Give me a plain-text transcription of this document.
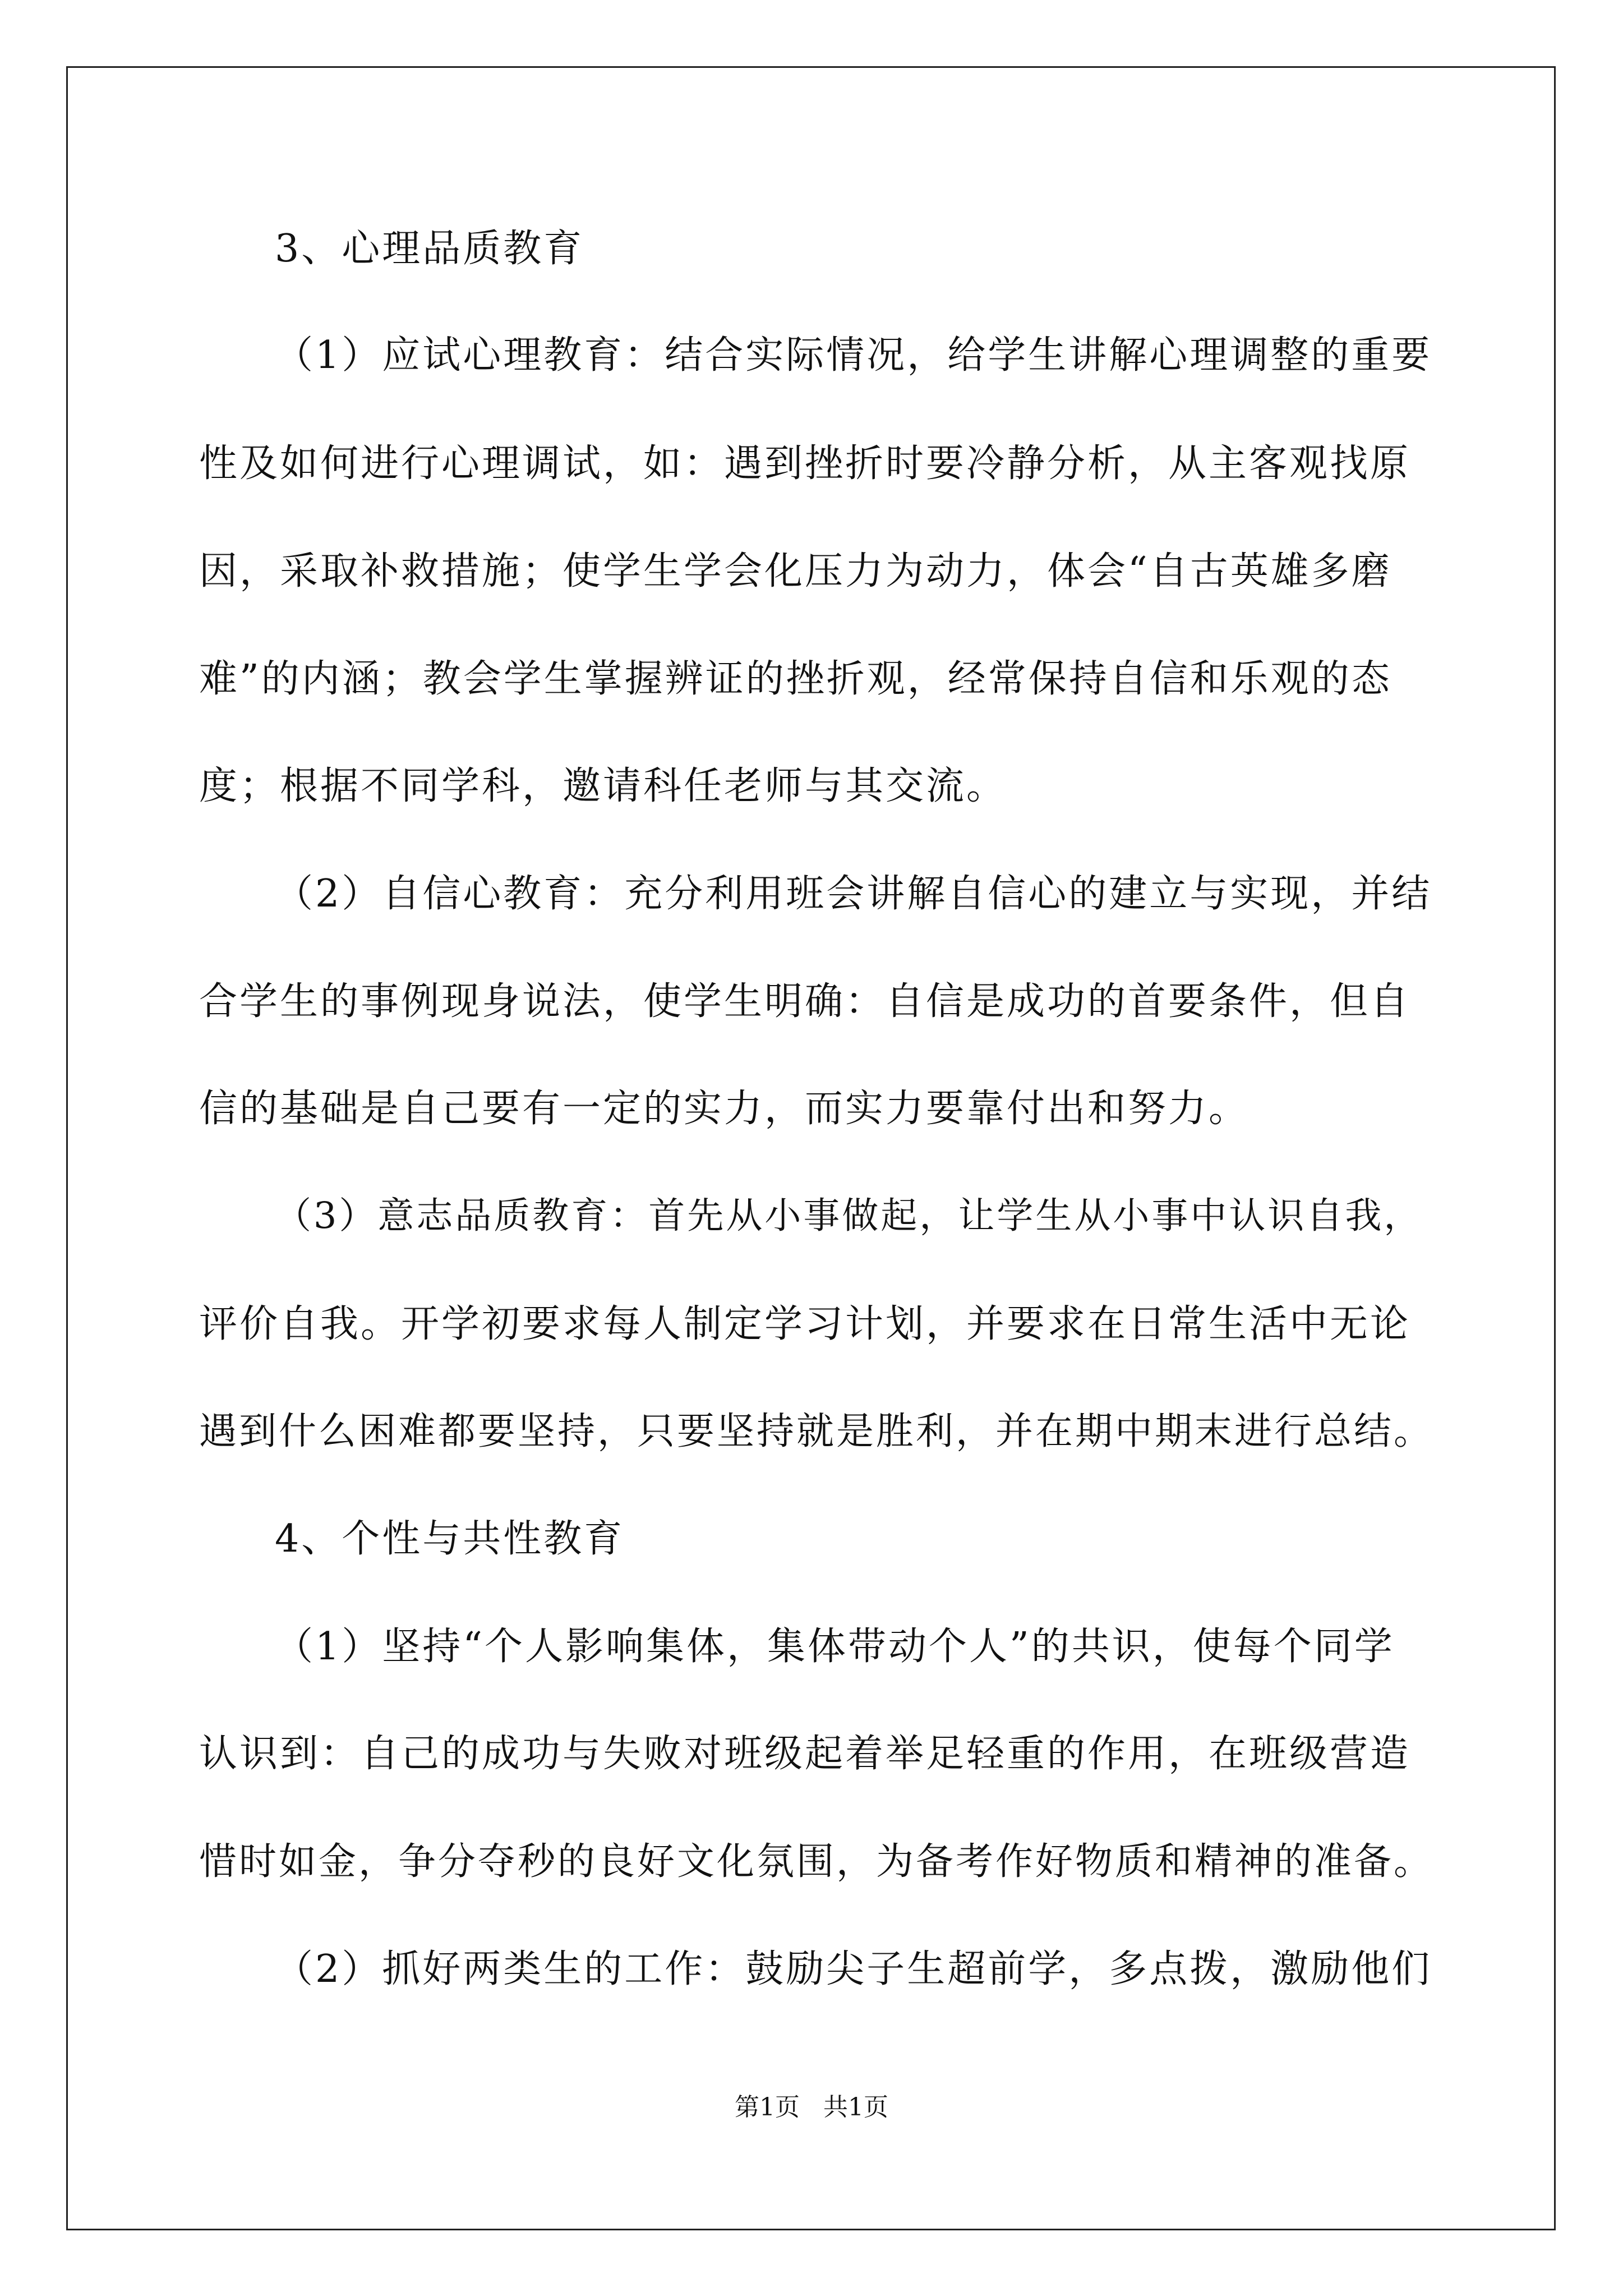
3、心理品质教育
（1）应试心理教育：结合实际情况，给学生讲解心理调整的重要
性及如何进行心理调试，如：遇到挫折时要冷静分析，从主客观找原
因，采取补救措施；使学生学会化压力为动力，体会“自古英雄多磨
难”的内涵；教会学生掌握辨证的挫折观，经常保持自信和乐观的态
度；根据不同学科，邀请科任老师与其交流。
（2）自信心教育：充分利用班会讲解自信心的建立与实现，并结
合学生的事例现身说法，使学生明确：自信是成功的首要条件，但自
信的基础是自己要有一定的实力，而实力要靠付出和努力。
（3）意志品质教育：首先从小事做起，让学生从小事中认识自我，
评价自我。开学初要求每人制定学习计划，并要求在日常生活中无论
遇到什么困难都要坚持，只要坚持就是胜利，并在期中期末进行总结。
4、个性与共性教育
（1）坚持“个人影响集体，集体带动个人”的共识，使每个同学
认识到：自己的成功与失败对班级起着举足轻重的作用，在班级营造
惜时如金，争分夺秒的良好文化氛围，为备考作好物质和精神的准备。
（2）抓好两类生的工作：鼓励尖子生超前学，多点拨，激励他们
第1页   共1页
